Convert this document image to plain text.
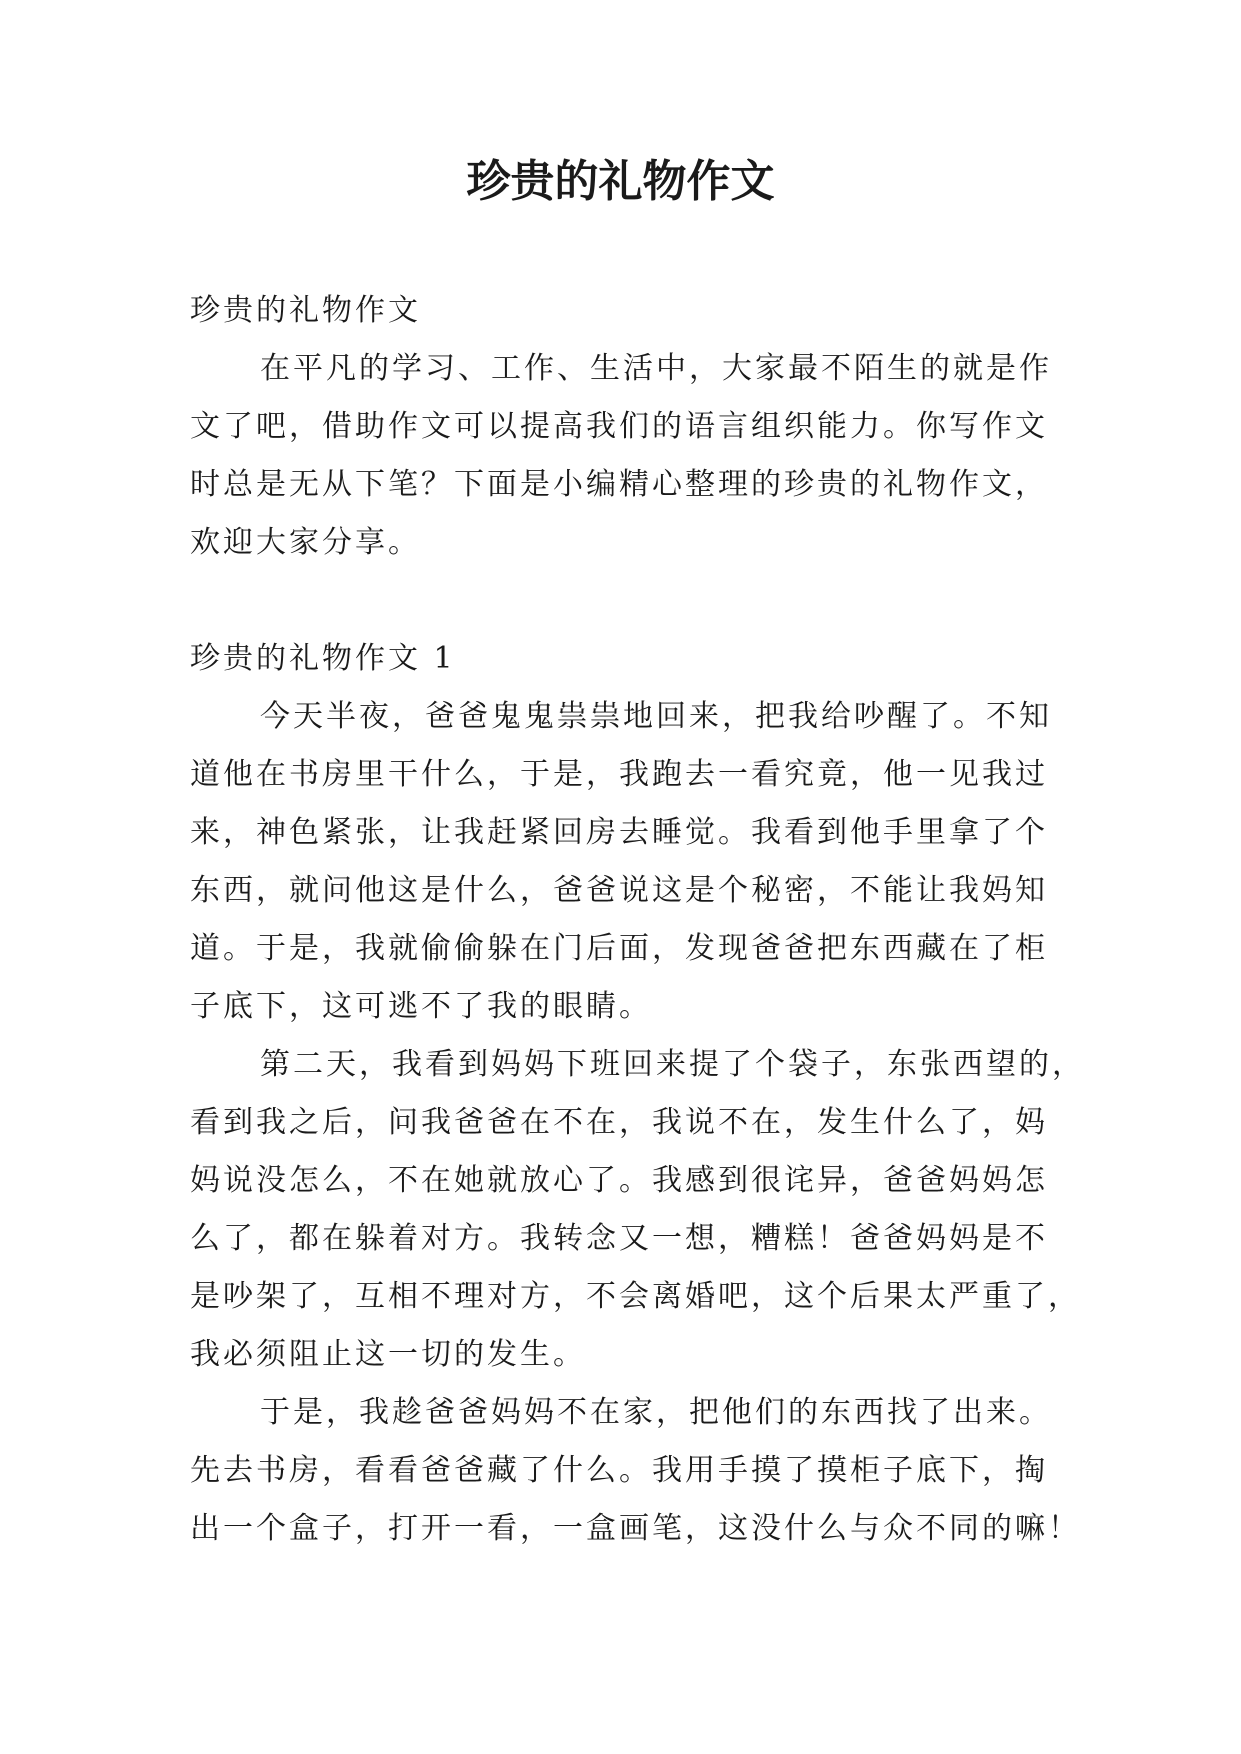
珍贵的礼物作文

珍贵的礼物作文

在平凡的学习、工作、生活中，大家最不陌生的就是作

文了吧，借助作文可以提高我们的语言组织能力。你写作文

时总是无从下笔？下面是小编精心整理的珍贵的礼物作文，

欢迎大家分享。

珍贵的礼物作文 1

今天半夜，爸爸鬼鬼祟祟地回来，把我给吵醒了。不知

道他在书房里干什么，于是，我跑去一看究竟，他一见我过

来，神色紧张，让我赶紧回房去睡觉。我看到他手里拿了个

东西，就问他这是什么，爸爸说这是个秘密，不能让我妈知

道。于是，我就偷偷躲在门后面，发现爸爸把东西藏在了柜

子底下，这可逃不了我的眼睛。

第二天，我看到妈妈下班回来提了个袋子，东张西望的，

看到我之后，问我爸爸在不在，我说不在，发生什么了，妈

妈说没怎么，不在她就放心了。我感到很诧异，爸爸妈妈怎

么了，都在躲着对方。我转念又一想，糟糕！爸爸妈妈是不

是吵架了，互相不理对方，不会离婚吧，这个后果太严重了，

我必须阻止这一切的发生。

于是，我趁爸爸妈妈不在家，把他们的东西找了出来。

先去书房，看看爸爸藏了什么。我用手摸了摸柜子底下，掏

出一个盒子，打开一看，一盒画笔，这没什么与众不同的嘛！
